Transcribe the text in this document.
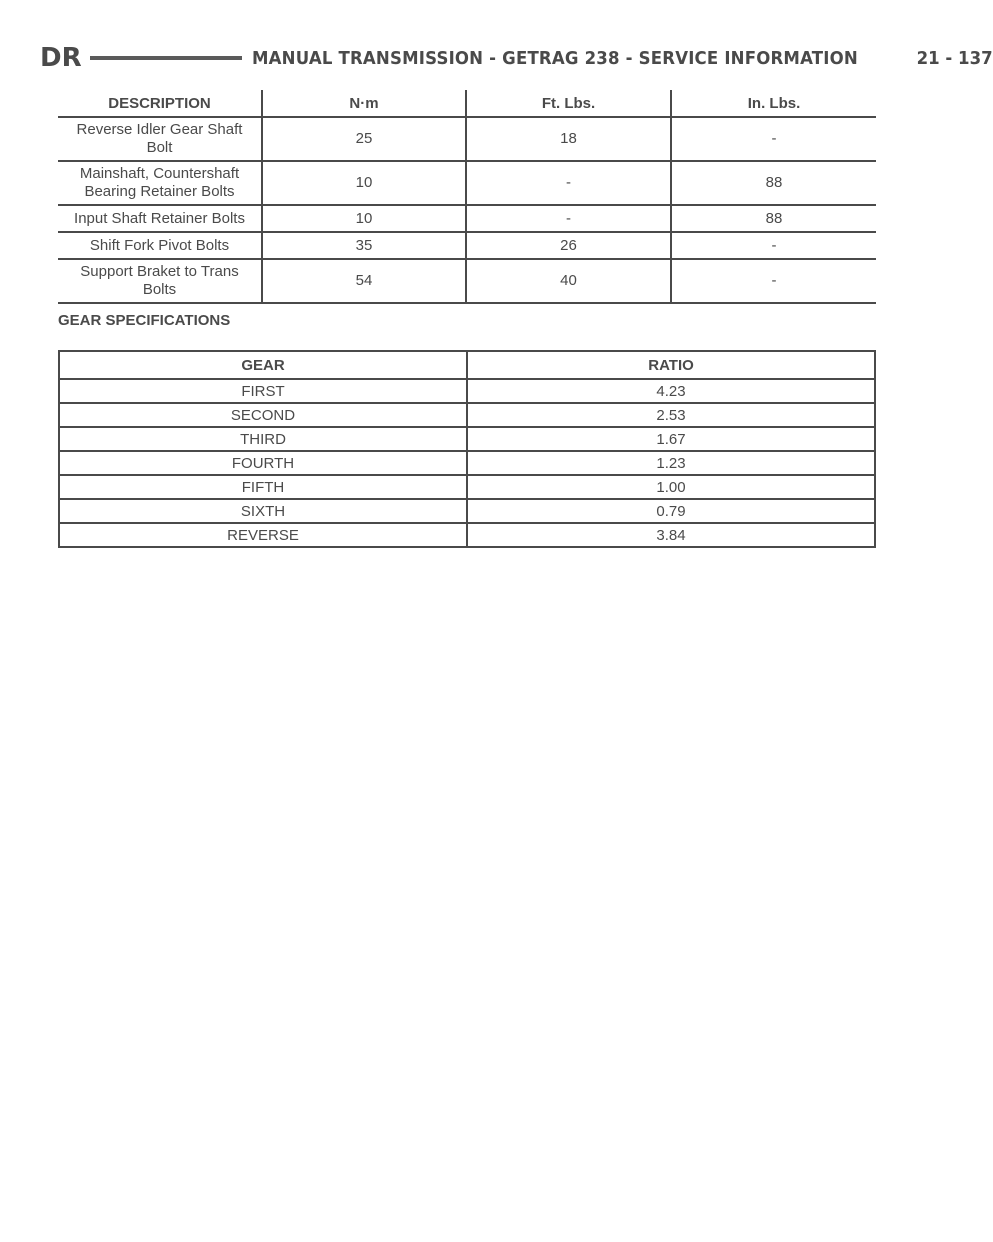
DR	MANUAL TRANSMISSION - GETRAG 238 - SERVICE INFORMATION	21 - 137
DESCRIPTION	N·m	Ft. Lbs.	In. Lbs.
Reverse Idler Gear Shaft Bolt	25	18	-
Mainshaft, Countershaft Bearing Retainer Bolts	10	-	88
Input Shaft Retainer Bolts	10	-	88
Shift Fork Pivot Bolts	35	26	-
Support Braket to Trans Bolts	54	40	-
GEAR SPECIFICATIONS
GEAR	RATIO
FIRST	4.23
SECOND	2.53
THIRD	1.67
FOURTH	1.23
FIFTH	1.00
SIXTH	0.79
REVERSE	3.84
